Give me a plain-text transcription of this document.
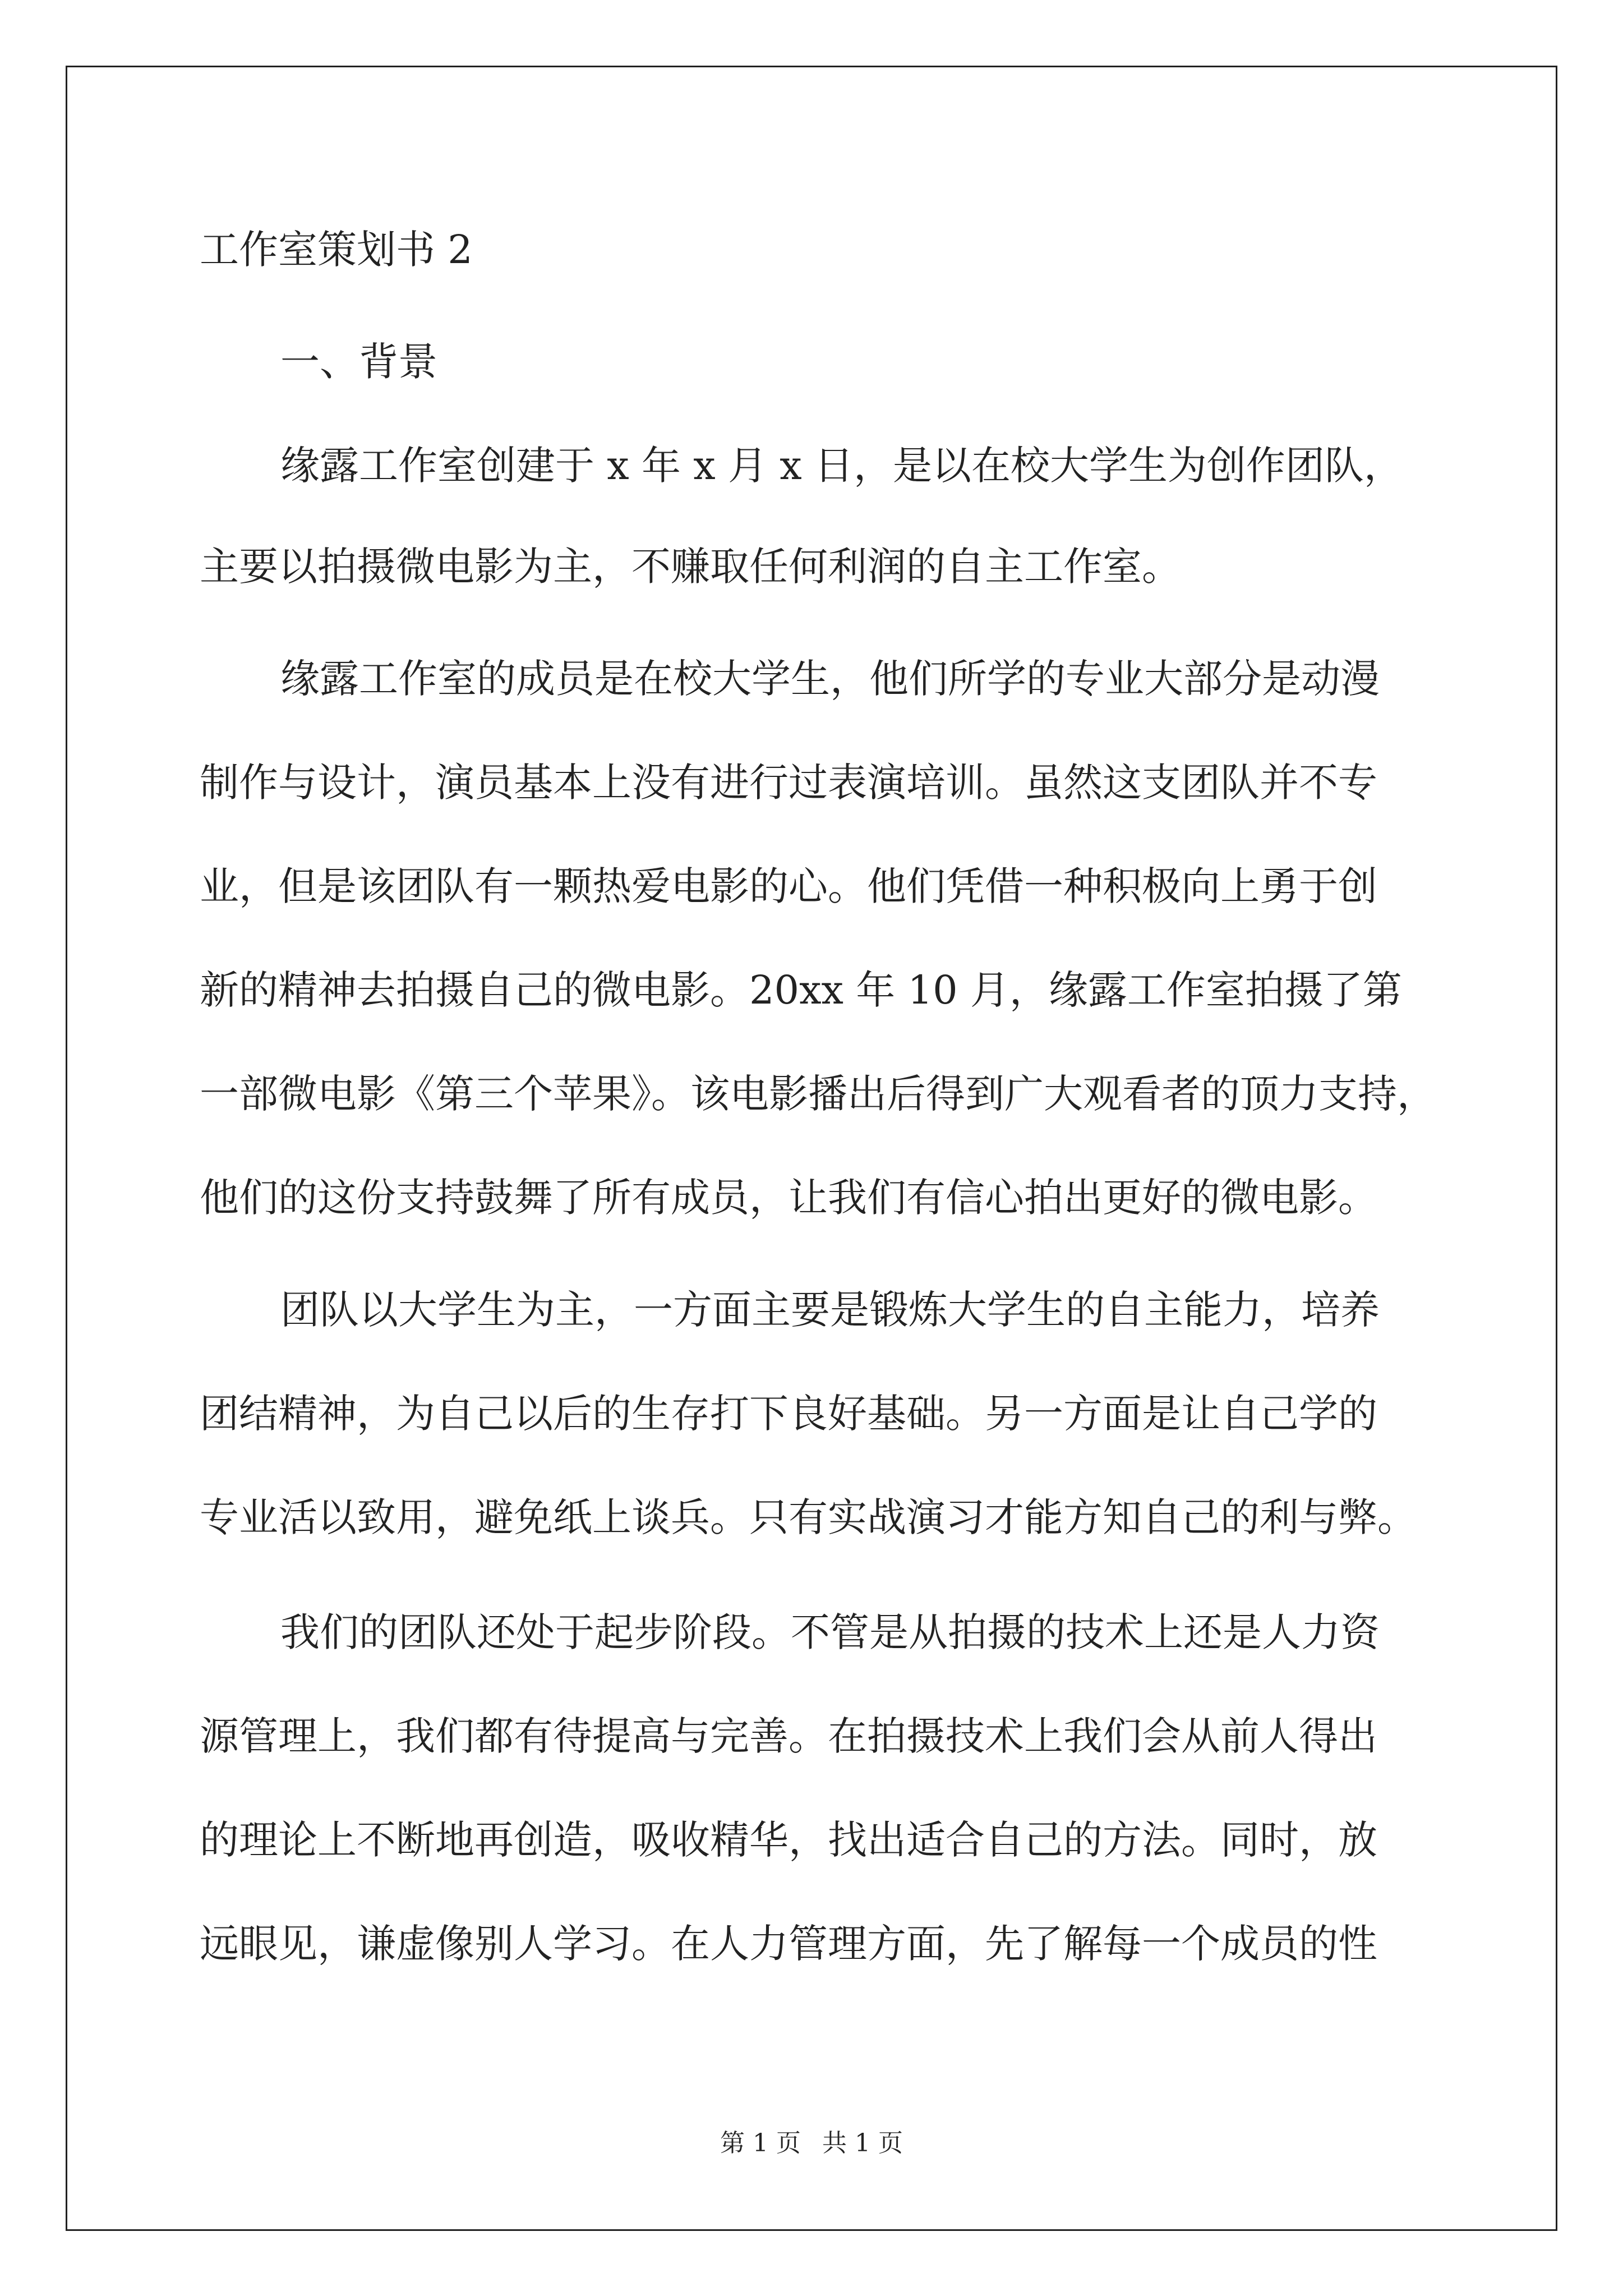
工作室策划书 2
一、背景
缘露工作室创建于 x 年 x 月 x 日，是以在校大学生为创作团队，
主要以拍摄微电影为主，不赚取任何利润的自主工作室。
缘露工作室的成员是在校大学生，他们所学的专业大部分是动漫
制作与设计，演员基本上没有进行过表演培训。虽然这支团队并不专
业，但是该团队有一颗热爱电影的心。他们凭借一种积极向上勇于创
新的精神去拍摄自己的微电影。20xx 年 10 月，缘露工作室拍摄了第
一部微电影《第三个苹果》。该电影播出后得到广大观看者的顶力支持，
他们的这份支持鼓舞了所有成员，让我们有信心拍出更好的微电影。
团队以大学生为主，一方面主要是锻炼大学生的自主能力，培养
团结精神，为自己以后的生存打下良好基础。另一方面是让自己学的
专业活以致用，避免纸上谈兵。只有实战演习才能方知自己的利与弊。
我们的团队还处于起步阶段。不管是从拍摄的技术上还是人力资
源管理上，我们都有待提高与完善。在拍摄技术上我们会从前人得出
的理论上不断地再创造，吸收精华，找出适合自己的方法。同时，放
远眼见，谦虚像别人学习。在人力管理方面，先了解每一个成员的性
第 1 页 共 1 页
